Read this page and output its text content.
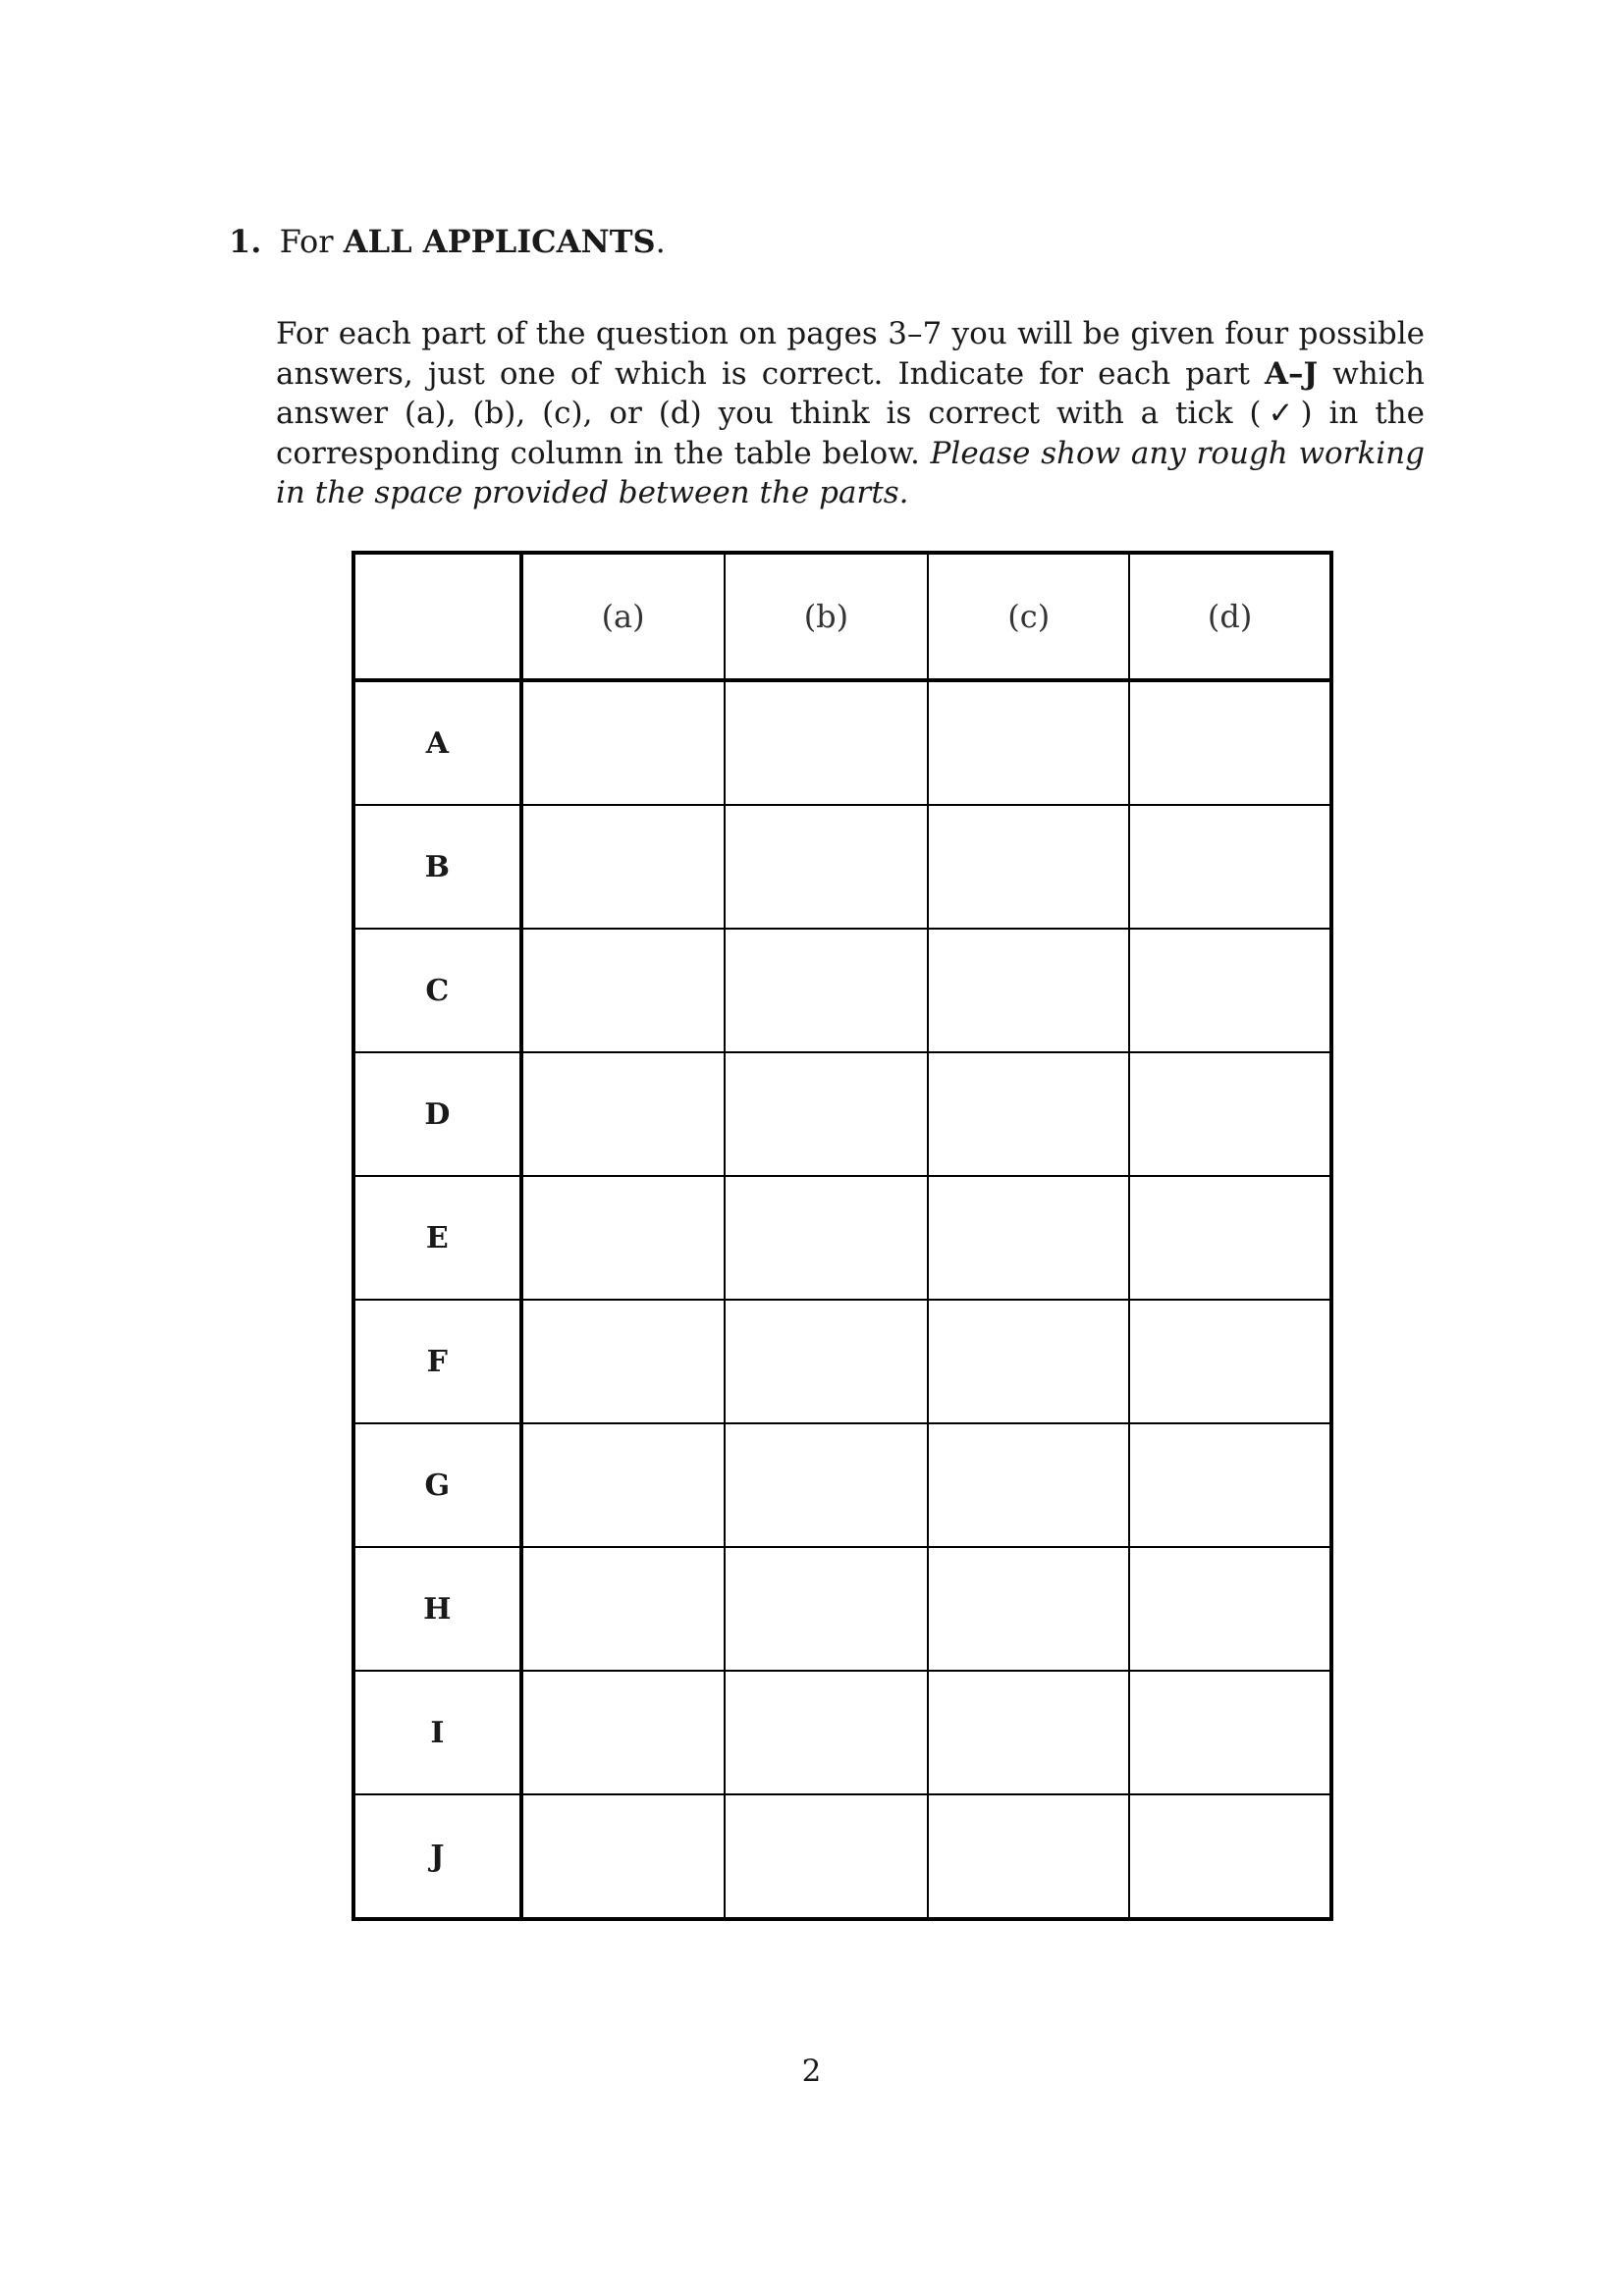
1. For ALL APPLICANTS.

For each part of the question on pages 3–7 you will be given four possible answers, just one of which is correct. Indicate for each part A–J which answer (a), (b), (c), or (d) you think is correct with a tick (✓) in the corresponding column in the table below. Please show any rough working in the space provided between the parts.

	(a)	(b)	(c)	(d)
A				
B				
C				
D				
E				
F				
G				
H				
I				
J				
2
